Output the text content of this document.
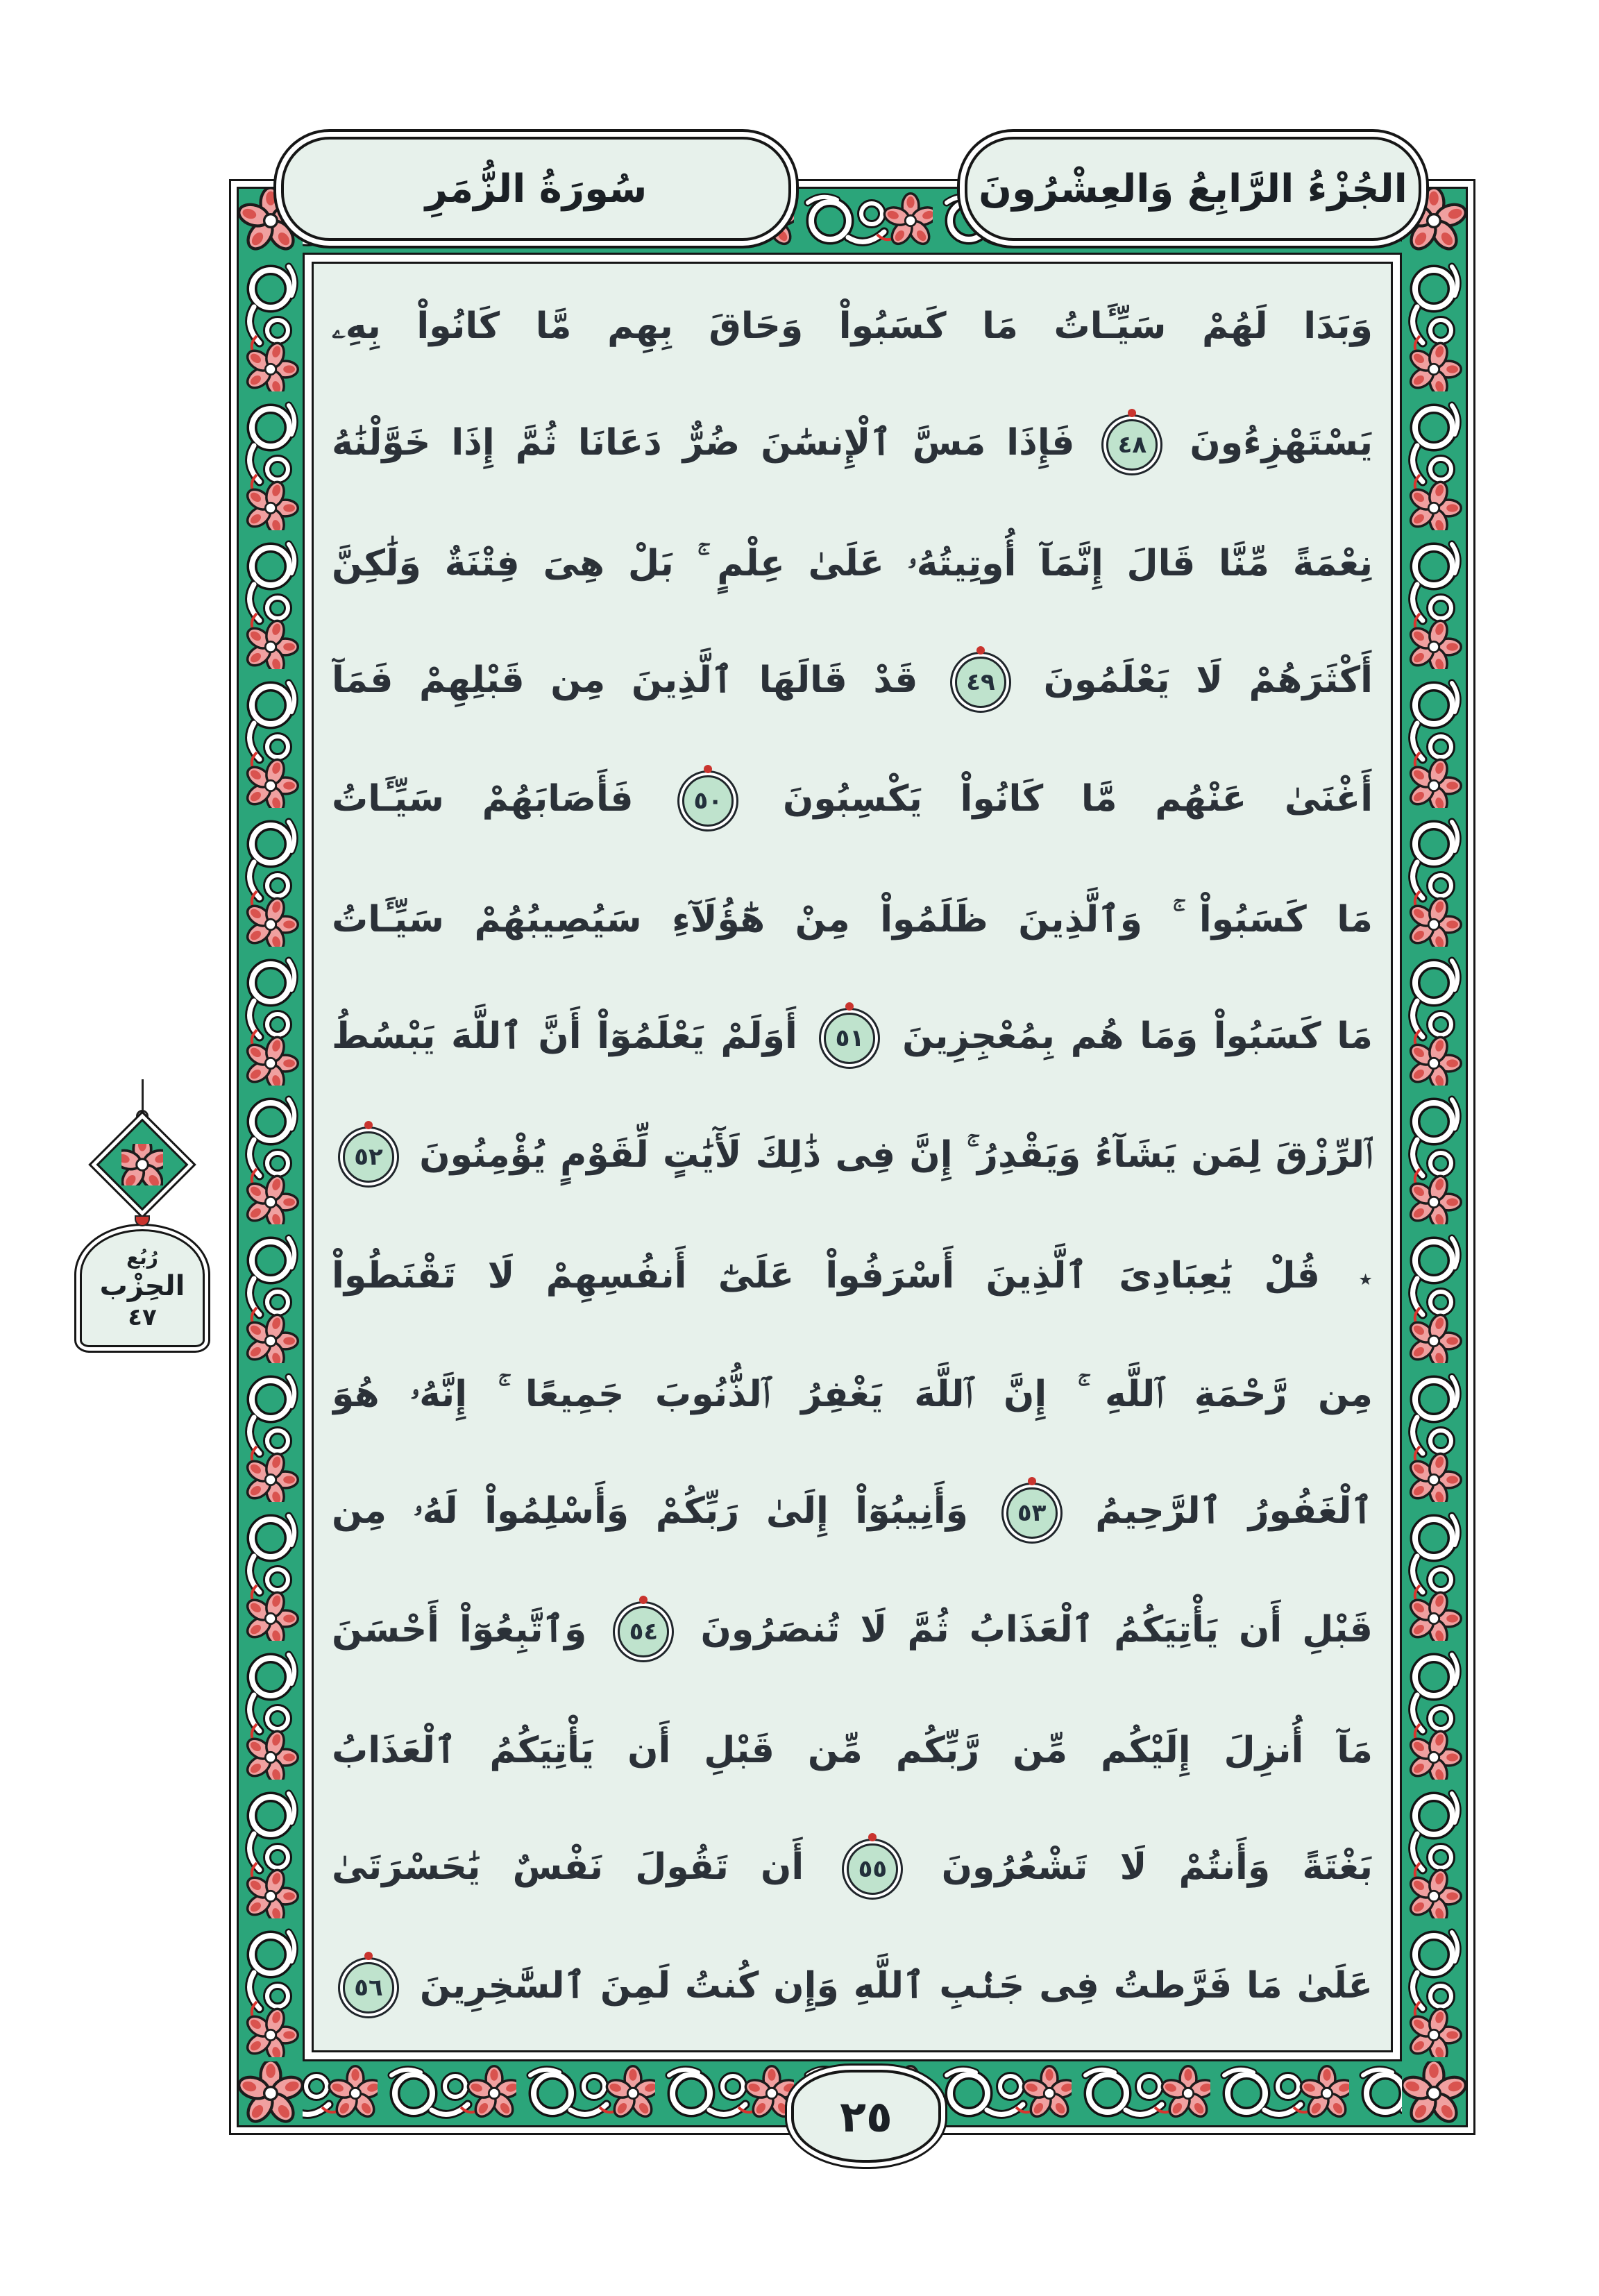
وَبَدَا لَهُمْ سَيِّـَٔاتُ مَا كَسَبُواْ وَحَاقَ بِهِم مَّا كَانُواْ بِهِۦ
يَسْتَهْزِءُونَ
٤٨
فَإِذَا مَسَّ ٱلْإِنسَٰنَ ضُرٌّ دَعَانَا ثُمَّ إِذَا خَوَّلْنَٰهُ
نِعْمَةً مِّنَّا قَالَ إِنَّمَآ أُوتِيتُهُۥ عَلَىٰ عِلْمٍ ۚ بَلْ هِىَ فِتْنَةٌ وَلَٰكِنَّ
أَكْثَرَهُمْ لَا يَعْلَمُونَ
٤٩
قَدْ قَالَهَا ٱلَّذِينَ مِن قَبْلِهِمْ فَمَآ
أَغْنَىٰ عَنْهُم مَّا كَانُواْ يَكْسِبُونَ
٥٠
فَأَصَابَهُمْ سَيِّـَٔاتُ
مَا كَسَبُواْ ۚ وَٱلَّذِينَ ظَلَمُواْ مِنْ هَٰٓؤُلَآءِ سَيُصِيبُهُمْ سَيِّـَٔاتُ
مَا كَسَبُواْ وَمَا هُم بِمُعْجِزِينَ
٥١
أَوَلَمْ يَعْلَمُوٓاْ أَنَّ ٱللَّهَ يَبْسُطُ
ٱلرِّزْقَ لِمَن يَشَآءُ وَيَقْدِرُ ۚ إِنَّ فِى ذَٰلِكَ لَأٓيَٰتٍ لِّقَوْمٍ يُؤْمِنُونَ
٥٢
٭ قُلْ يَٰعِبَادِىَ ٱلَّذِينَ أَسْرَفُواْ عَلَىٰٓ أَنفُسِهِمْ لَا تَقْنَطُواْ
مِن رَّحْمَةِ ٱللَّهِ ۚ إِنَّ ٱللَّهَ يَغْفِرُ ٱلذُّنُوبَ جَمِيعًا ۚ إِنَّهُۥ هُوَ
ٱلْغَفُورُ ٱلرَّحِيمُ
٥٣
وَأَنِيبُوٓاْ إِلَىٰ رَبِّكُمْ وَأَسْلِمُواْ لَهُۥ مِن
قَبْلِ أَن يَأْتِيَكُمُ ٱلْعَذَابُ ثُمَّ لَا تُنصَرُونَ
٥٤
وَٱتَّبِعُوٓاْ أَحْسَنَ
مَآ أُنزِلَ إِلَيْكُم مِّن رَّبِّكُم مِّن قَبْلِ أَن يَأْتِيَكُمُ ٱلْعَذَابُ
بَغْتَةً وَأَنتُمْ لَا تَشْعُرُونَ
٥٥
أَن تَقُولَ نَفْسٌ يَٰحَسْرَتَىٰ
عَلَىٰ مَا فَرَّطتُ فِى جَنۢبِ ٱللَّهِ وَإِن كُنتُ لَمِنَ ٱلسَّٰخِرِينَ
٥٦
سُورَةُ الزُّمَرِ	الجُزْءُ الرَّابِعُ وَالعِشْرُونَ
رُبُع
الحِزْب
٤٧
٢٥
